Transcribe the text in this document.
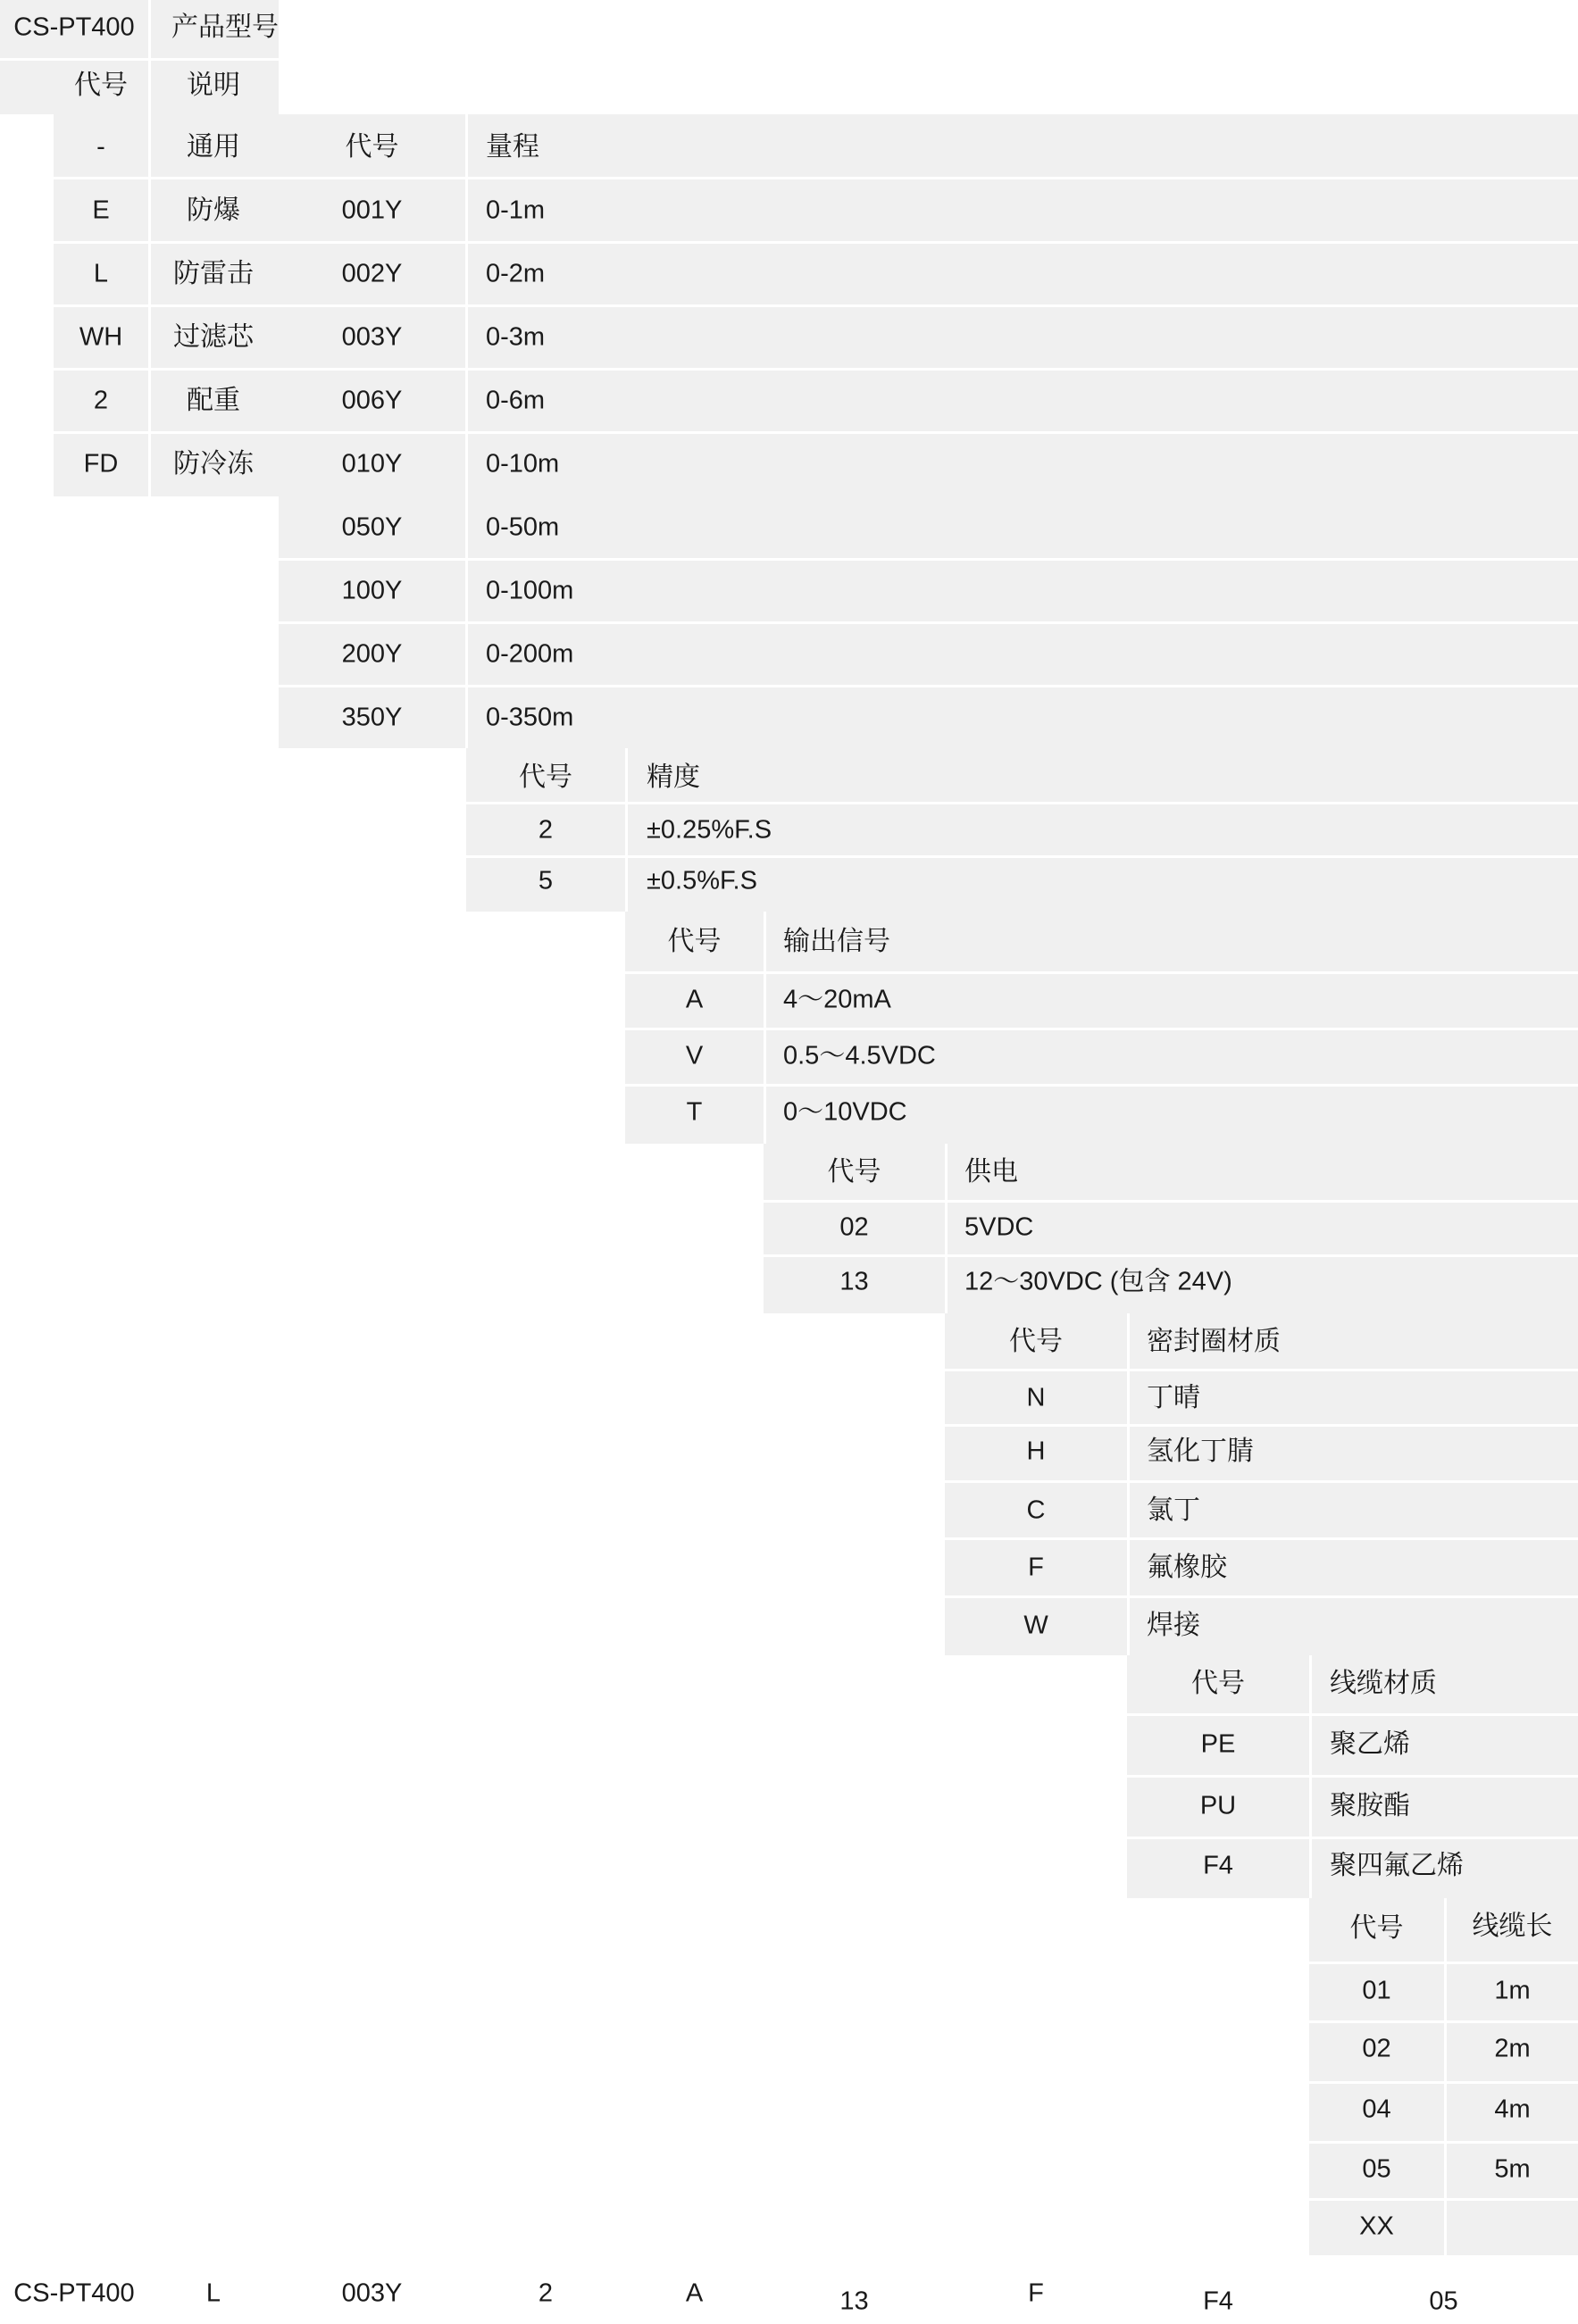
CS-PT400	产品型号
代号	说明
-	通用
E	防爆
L	防雷击
WH	过滤芯
2	配重
FD	防冷冻
代号	量程
001Y	0-1m
002Y	0-2m
003Y	0-3m
006Y	0-6m
010Y	0-10m
050Y	0-50m
100Y	0-100m
200Y	0-200m
350Y	0-350m
代号	精度
2	±0.25%F.S
5	±0.5%F.S
代号	输出信号
A	4～20mA
V	0.5～4.5VDC
T	0～10VDC
代号	供电
02	5VDC
13	12～30VDC (包含 24V)
代号	密封圈材质
N	丁晴
H	氢化丁腈
C	氯丁
F	氟橡胶
W	焊接
代号	线缆材质
PE	聚乙烯
PU	聚胺酯
F4	聚四氟乙烯
代号	线缆长
01	1m
02	2m
04	4m
05	5m
XX
CS-PT400	L	003Y	2	A	13	F	F4	05
